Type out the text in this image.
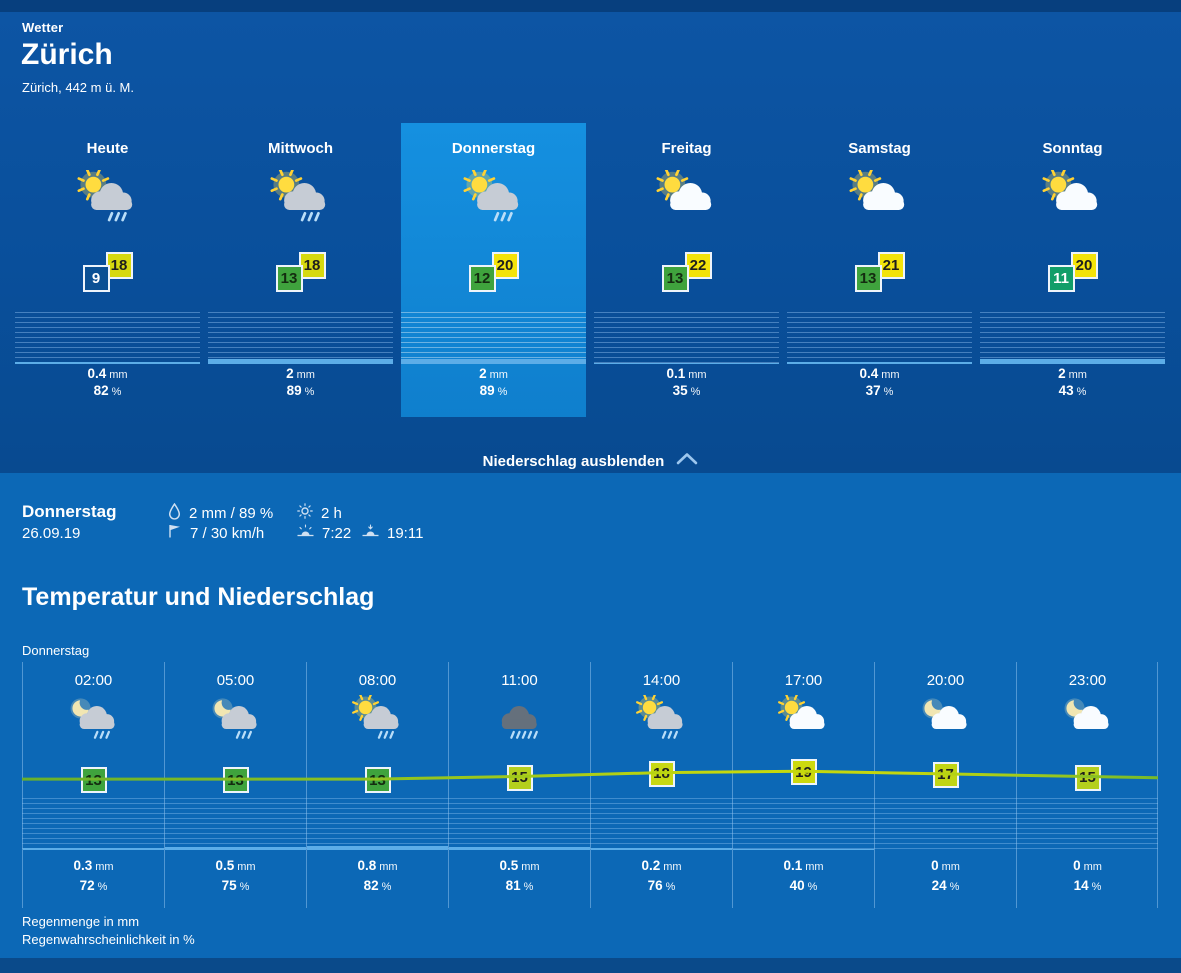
Wetter
Zürich
Zürich, 442 m ü. M.
Heute
18
9
0.4 mm
82 %
Mittwoch
18
13
2 mm
89 %
Donnerstag
20
12
2 mm
89 %
Freitag
22
13
0.1 mm
35 %
Samstag
21
13
0.4 mm
37 %
Sonntag
20
11
2 mm
43 %
Niederschlag ausblenden
Donnerstag
26.09.19
2 mm / 89 %	2 h
7 / 30 km/h	7:22 19:11
Temperatur und Niederschlag
Donnerstag
02:00
13
0.3 mm
72 %
05:00
13
0.5 mm
75 %
08:00
13
0.8 mm
82 %
11:00
15
0.5 mm
81 %
14:00
18
0.2 mm
76 %
17:00
19
0.1 mm
40 %
20:00
17
0 mm
24 %
23:00
15
0 mm
14 %
Regenmenge in mm
Regenwahrscheinlichkeit in %
